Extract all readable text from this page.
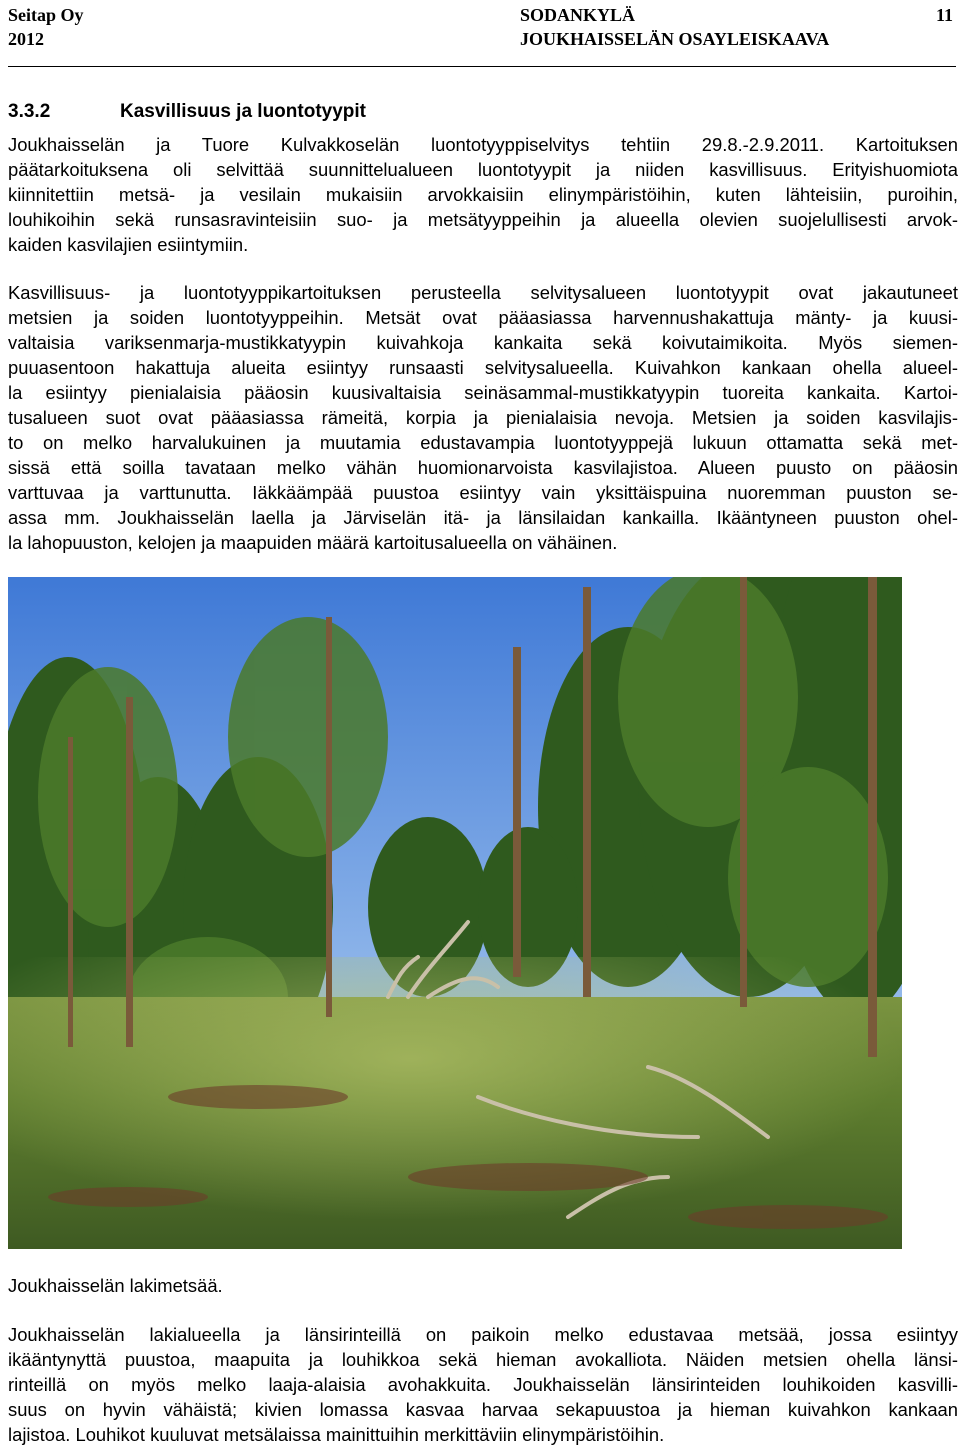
Seitap Oy
2012
SODANKYLÄ
JOUKHAISSELÄN OSAYLEISKAAVA
11
3.3.2	Kasvillisuus ja luontotyypit
Joukhaisselän ja Tuore Kulvakkoselän luontotyyppiselvitys tehtiin 29.8.-2.9.2011. Kartoituksen
päätarkoituksena oli selvittää suunnittelualueen luontotyypit ja niiden kasvillisuus. Erityishuomiota
kiinnitettiin metsä- ja vesilain mukaisiin arvokkaisiin elinympäristöihin, kuten lähteisiin, puroihin,
louhikoihin sekä runsasravinteisiin suo- ja metsätyyppeihin ja alueella olevien suojelullisesti arvok-
kaiden kasvilajien esiintymiin.
Kasvillisuus- ja luontotyyppikartoituksen perusteella selvitysalueen luontotyypit ovat jakautuneet
metsien ja soiden luontotyyppeihin. Metsät ovat pääasiassa harvennushakattuja mänty- ja kuusi-
valtaisia variksenmarja-mustikkatyypin kuivahkoja kankaita sekä koivutaimikoita. Myös siemen-
puuasentoon hakattuja alueita esiintyy runsaasti selvitysalueella. Kuivahkon kankaan ohella alueel-
la esiintyy pienialaisia pääosin kuusivaltaisia seinäsammal-mustikkatyypin tuoreita kankaita. Kartoi-
tusalueen suot ovat pääasiassa rämeitä, korpia ja pienialaisia nevoja. Metsien ja soiden kasvilajis-
to on melko harvalukuinen ja muutamia edustavampia luontotyyppejä lukuun ottamatta sekä met-
sissä että soilla tavataan melko vähän huomionarvoista kasvilajistoa. Alueen puusto on pääosin
varttuvaa ja varttunutta. Iäkkäämpää puustoa esiintyy vain yksittäispuina nuoremman puuston se-
assa mm. Joukhaisselän laella ja Järviselän itä- ja länsilaidan kankailla. Ikääntyneen puuston ohel-
la lahopuuston, kelojen ja maapuiden määrä kartoitusalueella on vähäinen.
Joukhaisselän lakimetsää.
Joukhaisselän lakialueella ja länsirinteillä on paikoin melko edustavaa metsää, jossa esiintyy
ikääntynyttä puustoa, maapuita ja louhikkoa sekä hieman avokalliota. Näiden metsien ohella länsi-
rinteillä on myös melko laaja-alaisia avohakkuita. Joukhaisselän länsirinteiden louhikoiden kasvilli-
suus on hyvin vähäistä; kivien lomassa kasvaa harvaa sekapuustoa ja hieman kuivahkon kankaan
lajistoa. Louhikot kuuluvat metsälaissa mainittuihin merkittäviin elinympäristöihin.
